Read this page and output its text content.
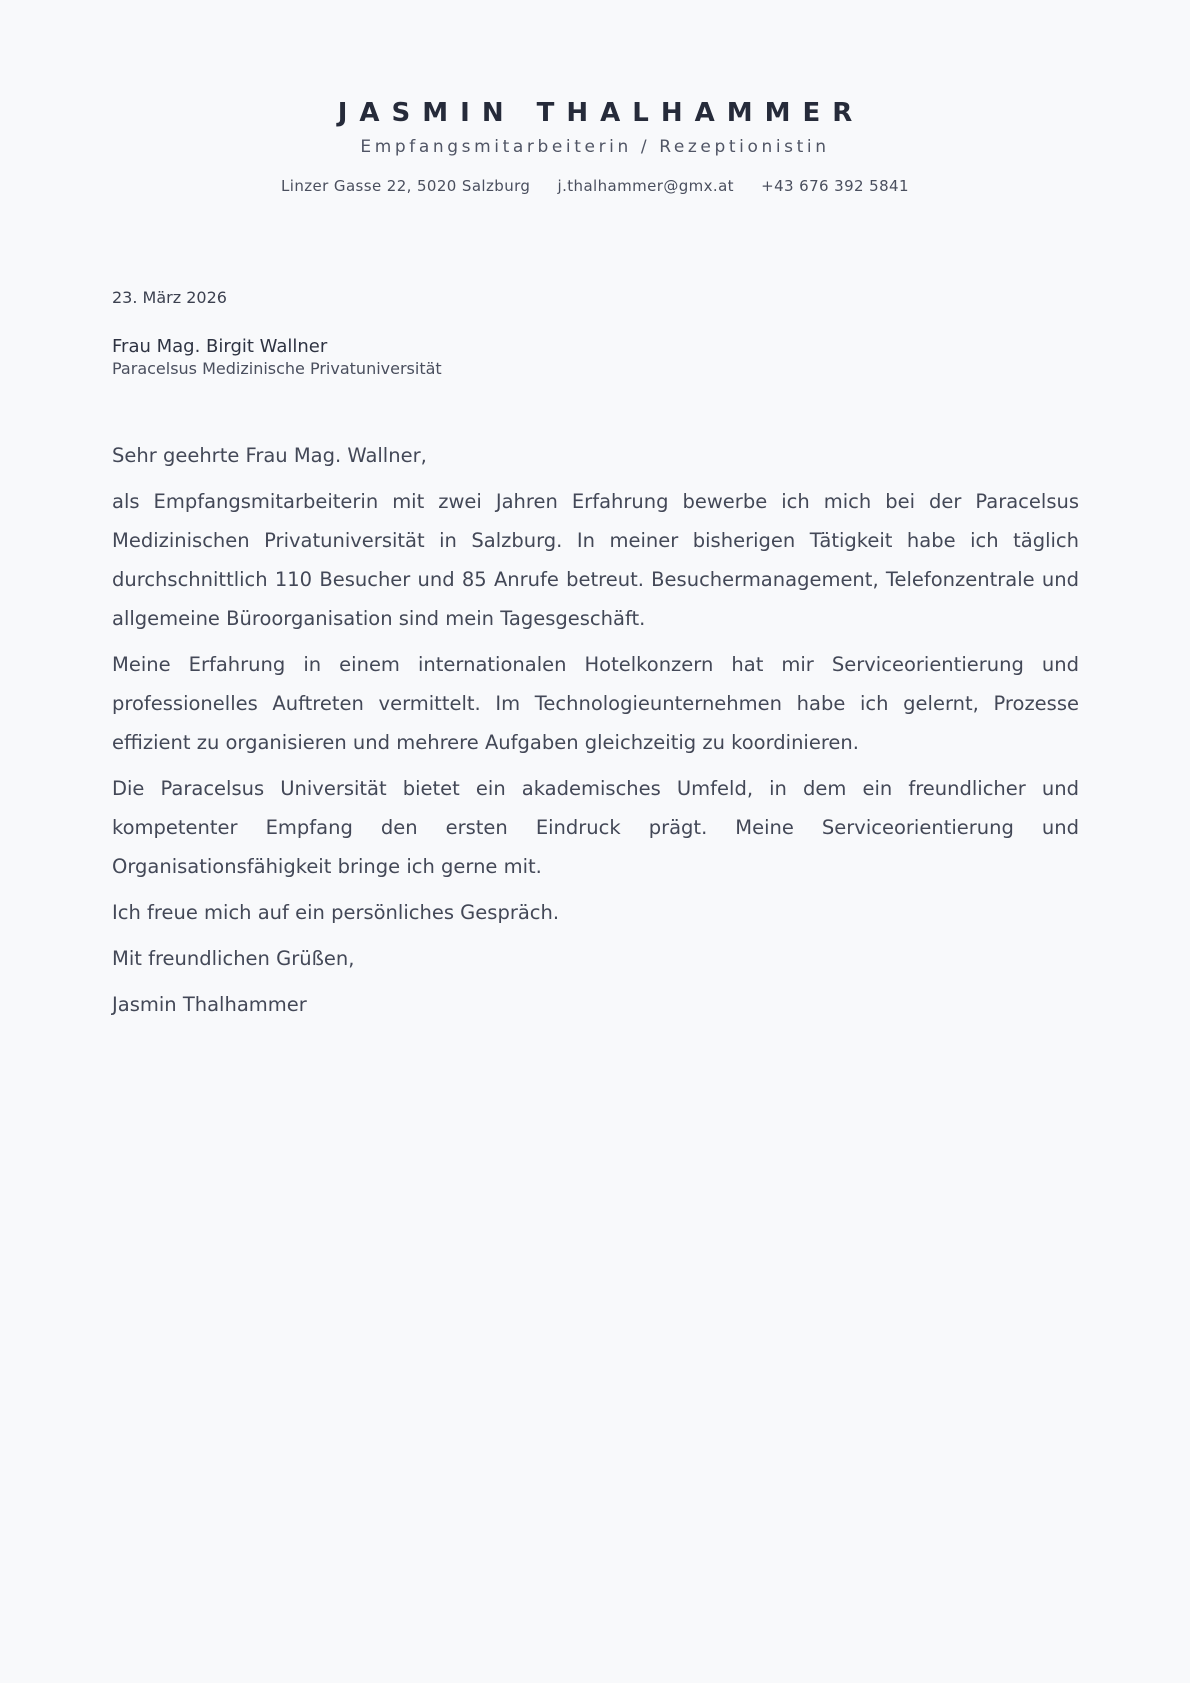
JASMIN THALHAMMER
Empfangsmitarbeiterin / Rezeptionistin
Linzer Gasse 22, 5020 Salzburg j.thalhammer@gmx.at +43 676 392 5841
23. März 2026
Frau Mag. Birgit Wallner
Paracelsus Medizinische Privatuniversität

Sehr geehrte Frau Mag. Wallner,

als Empfangsmitarbeiterin mit zwei Jahren Erfahrung bewerbe ich mich bei der Paracelsus Medizinischen Privatuniversität in Salzburg. In meiner bisherigen Tätigkeit habe ich täglich durchschnittlich 110 Besucher und 85 Anrufe betreut. Besuchermanagement, Telefonzentrale und allgemeine Büroorganisation sind mein Tagesgeschäft.

Meine Erfahrung in einem internationalen Hotelkonzern hat mir Serviceorientierung und professionelles Auftreten vermittelt. Im Technologieunternehmen habe ich gelernt, Prozesse effizient zu organisieren und mehrere Aufgaben gleichzeitig zu koordinieren.

Die Paracelsus Universität bietet ein akademisches Umfeld, in dem ein freundlicher und kompetenter Empfang den ersten Eindruck prägt. Meine Serviceorientierung und Organisationsfähigkeit bringe ich gerne mit.

Ich freue mich auf ein persönliches Gespräch.

Mit freundlichen Grüßen,

Jasmin Thalhammer
